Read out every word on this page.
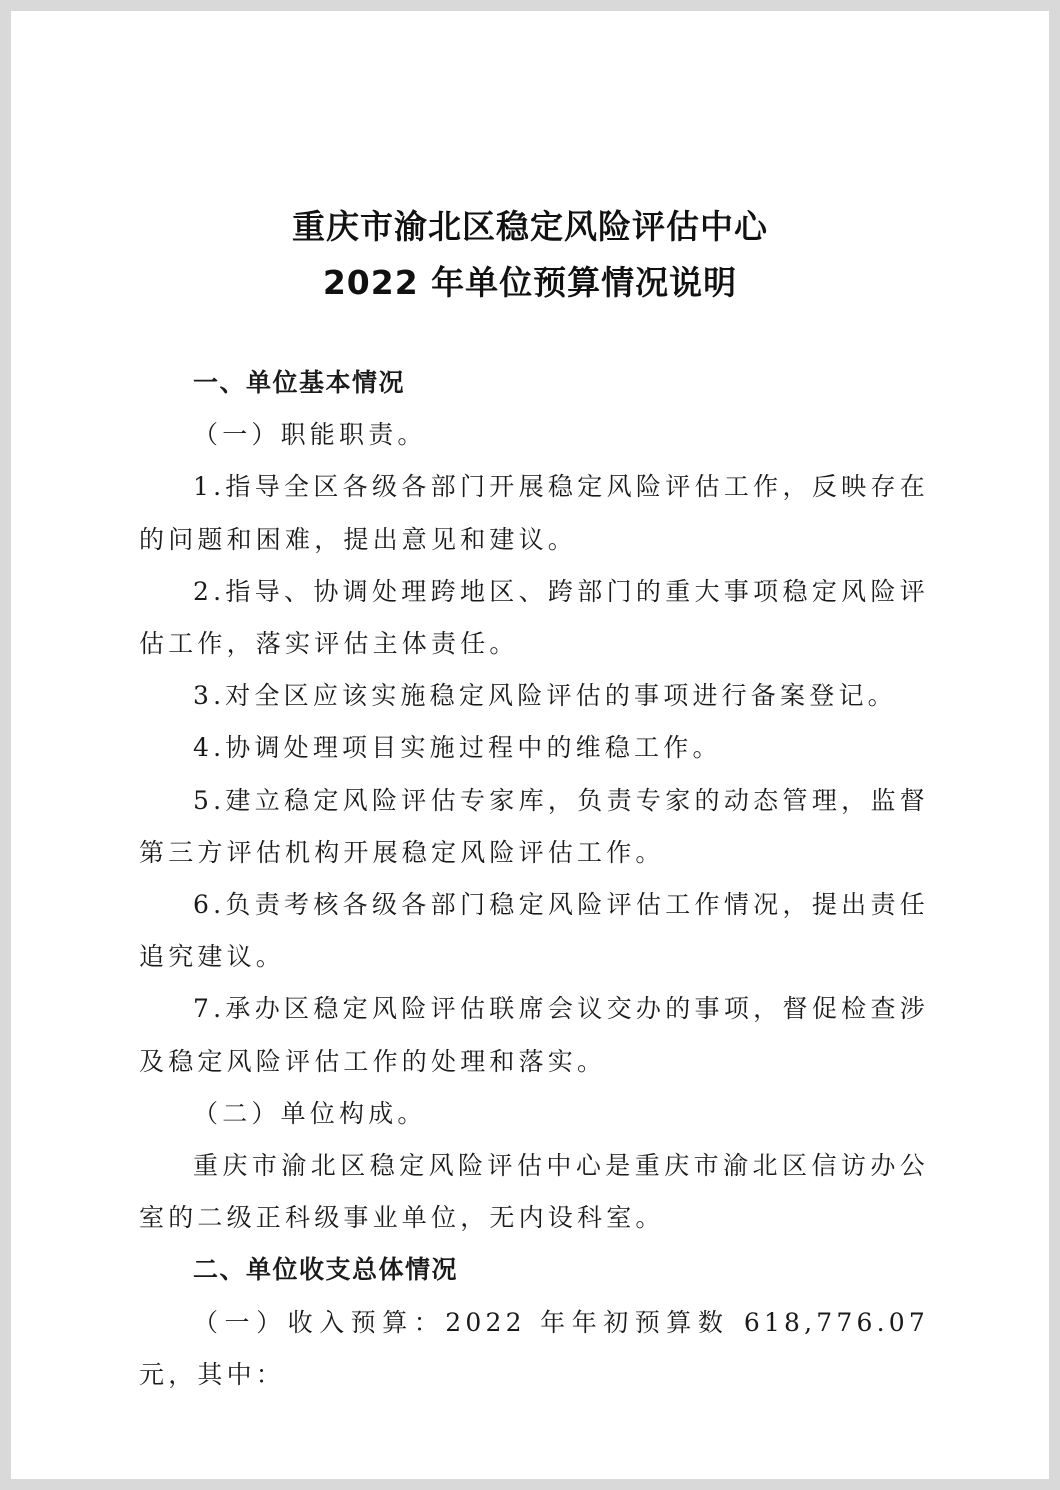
重庆市渝北区稳定风险评估中心
2022 年单位预算情况说明

一、单位基本情况

（一）职能职责。

1.指导全区各级各部门开展稳定风险评估工作，反映存在的问题和困难，提出意见和建议。

2.指导、协调处理跨地区、跨部门的重大事项稳定风险评估工作，落实评估主体责任。

3.对全区应该实施稳定风险评估的事项进行备案登记。

4.协调处理项目实施过程中的维稳工作。

5.建立稳定风险评估专家库，负责专家的动态管理，监督第三方评估机构开展稳定风险评估工作。

6.负责考核各级各部门稳定风险评估工作情况，提出责任追究建议。

7.承办区稳定风险评估联席会议交办的事项，督促检查涉及稳定风险评估工作的处理和落实。

（二）单位构成。

重庆市渝北区稳定风险评估中心是重庆市渝北区信访办公室的二级正科级事业单位，无内设科室。

二、单位收支总体情况

（一）收入预算：2022 年年初预算数 618,776.07 元，其中：
